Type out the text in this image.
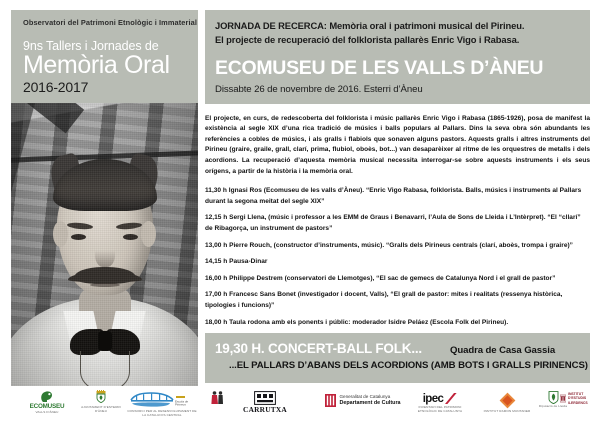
Observatori del Patrimoni Etnològic i Immaterial
9ns Tallers i Jornades de
Memòria Oral
2016-2017
JORNADA DE RECERCA: Memòria oral i patrimoni musical del Pirineu.
El projecte de recuperació del folklorista pallarès Enric Vigo i Rabasa.
ECOMUSEU DE LES VALLS D’ÀNEU
Dissabte 26 de novembre de 2016. Esterri d’Àneu
El projecte, en curs, de redescoberta del folklorista i músic pallarès Enric Vigo i Rabasa (1865-1926), posa de manifest la existència al segle XIX d’una rica tradició de músics i balls populars al Pallars. Dins la seva obra són abundants les referències a cobles de músics, i als gralls i flabiols que sonaven alguns pastors. Aquests gralls i altres instruments del Pirineu (graire, graile, grall, clarí, prima, flubiol, oboès, bot...) van desaparèixer al ritme de les orquestres de metalls i dels acordions. La recuperació d’aquesta memòria musical necessita interrogar-se sobre aquests instruments i els seus orígens, a partir de la història i la memòria oral.
11,30 h Ignasi Ros (Ecomuseu de les valls d’Àneu). “Enric Vigo Rabasa, folklorista. Balls, músics i instruments al Pallars durant la segona meitat del segle XIX”
12,15 h Sergi Llena, (músic i professor a les EMM de Graus i Benavarri, l’Aula de Sons de Lleida i L’Intèrpret). “El “cllarí” de Ribagorça, un instrument de pastors”
13,00 h Pierre Rouch, (constructor d’instruments, músic). “Gralls dels Pirineus centrals (clarí, aboès, trompa i graire)”
14,15 h Pausa-Dinar
16,00 h Philippe Destrem (conservatori de Llemotges), “El sac de gemecs de Catalunya Nord i el grall de pastor”
17,00 h Francesc Sans Bonet (investigador i docent, Valls), “El grall de pastor: mites i realitats (ressenya històrica, tipologies i funcions)”
18,00 h Taula rodona amb els ponents i públic: moderador Isidre Peláez (Escola Folk del Pirineu).
19,30 H. CONCERT-BALL FOLK...	Quadra de Casa Gassia
...EL PALLARS D’ABANS DELS ACORDIONS (AMB BOTS I GRALLS PIRINENCS)
ECOMUSEU
VALLS D’ÀNEU
AJUNTAMENT D’ESTERRI D’ÀNEU
Escola de
Pirineus
CONSORCI PER AL DESENVOLUPAMENT DE LA CATALUNYA CENTRAL
CARRUTXA
Generalitat de Catalunya
Departament de Cultura ipec
INVENTARI DEL PATRIMONI ETNOLÒGIC DE CATALUNYA	INSTITUT RAMON MUNTANER
Diputació de Lleida
INSTITUT D’ESTUDIS ILERDENCS
